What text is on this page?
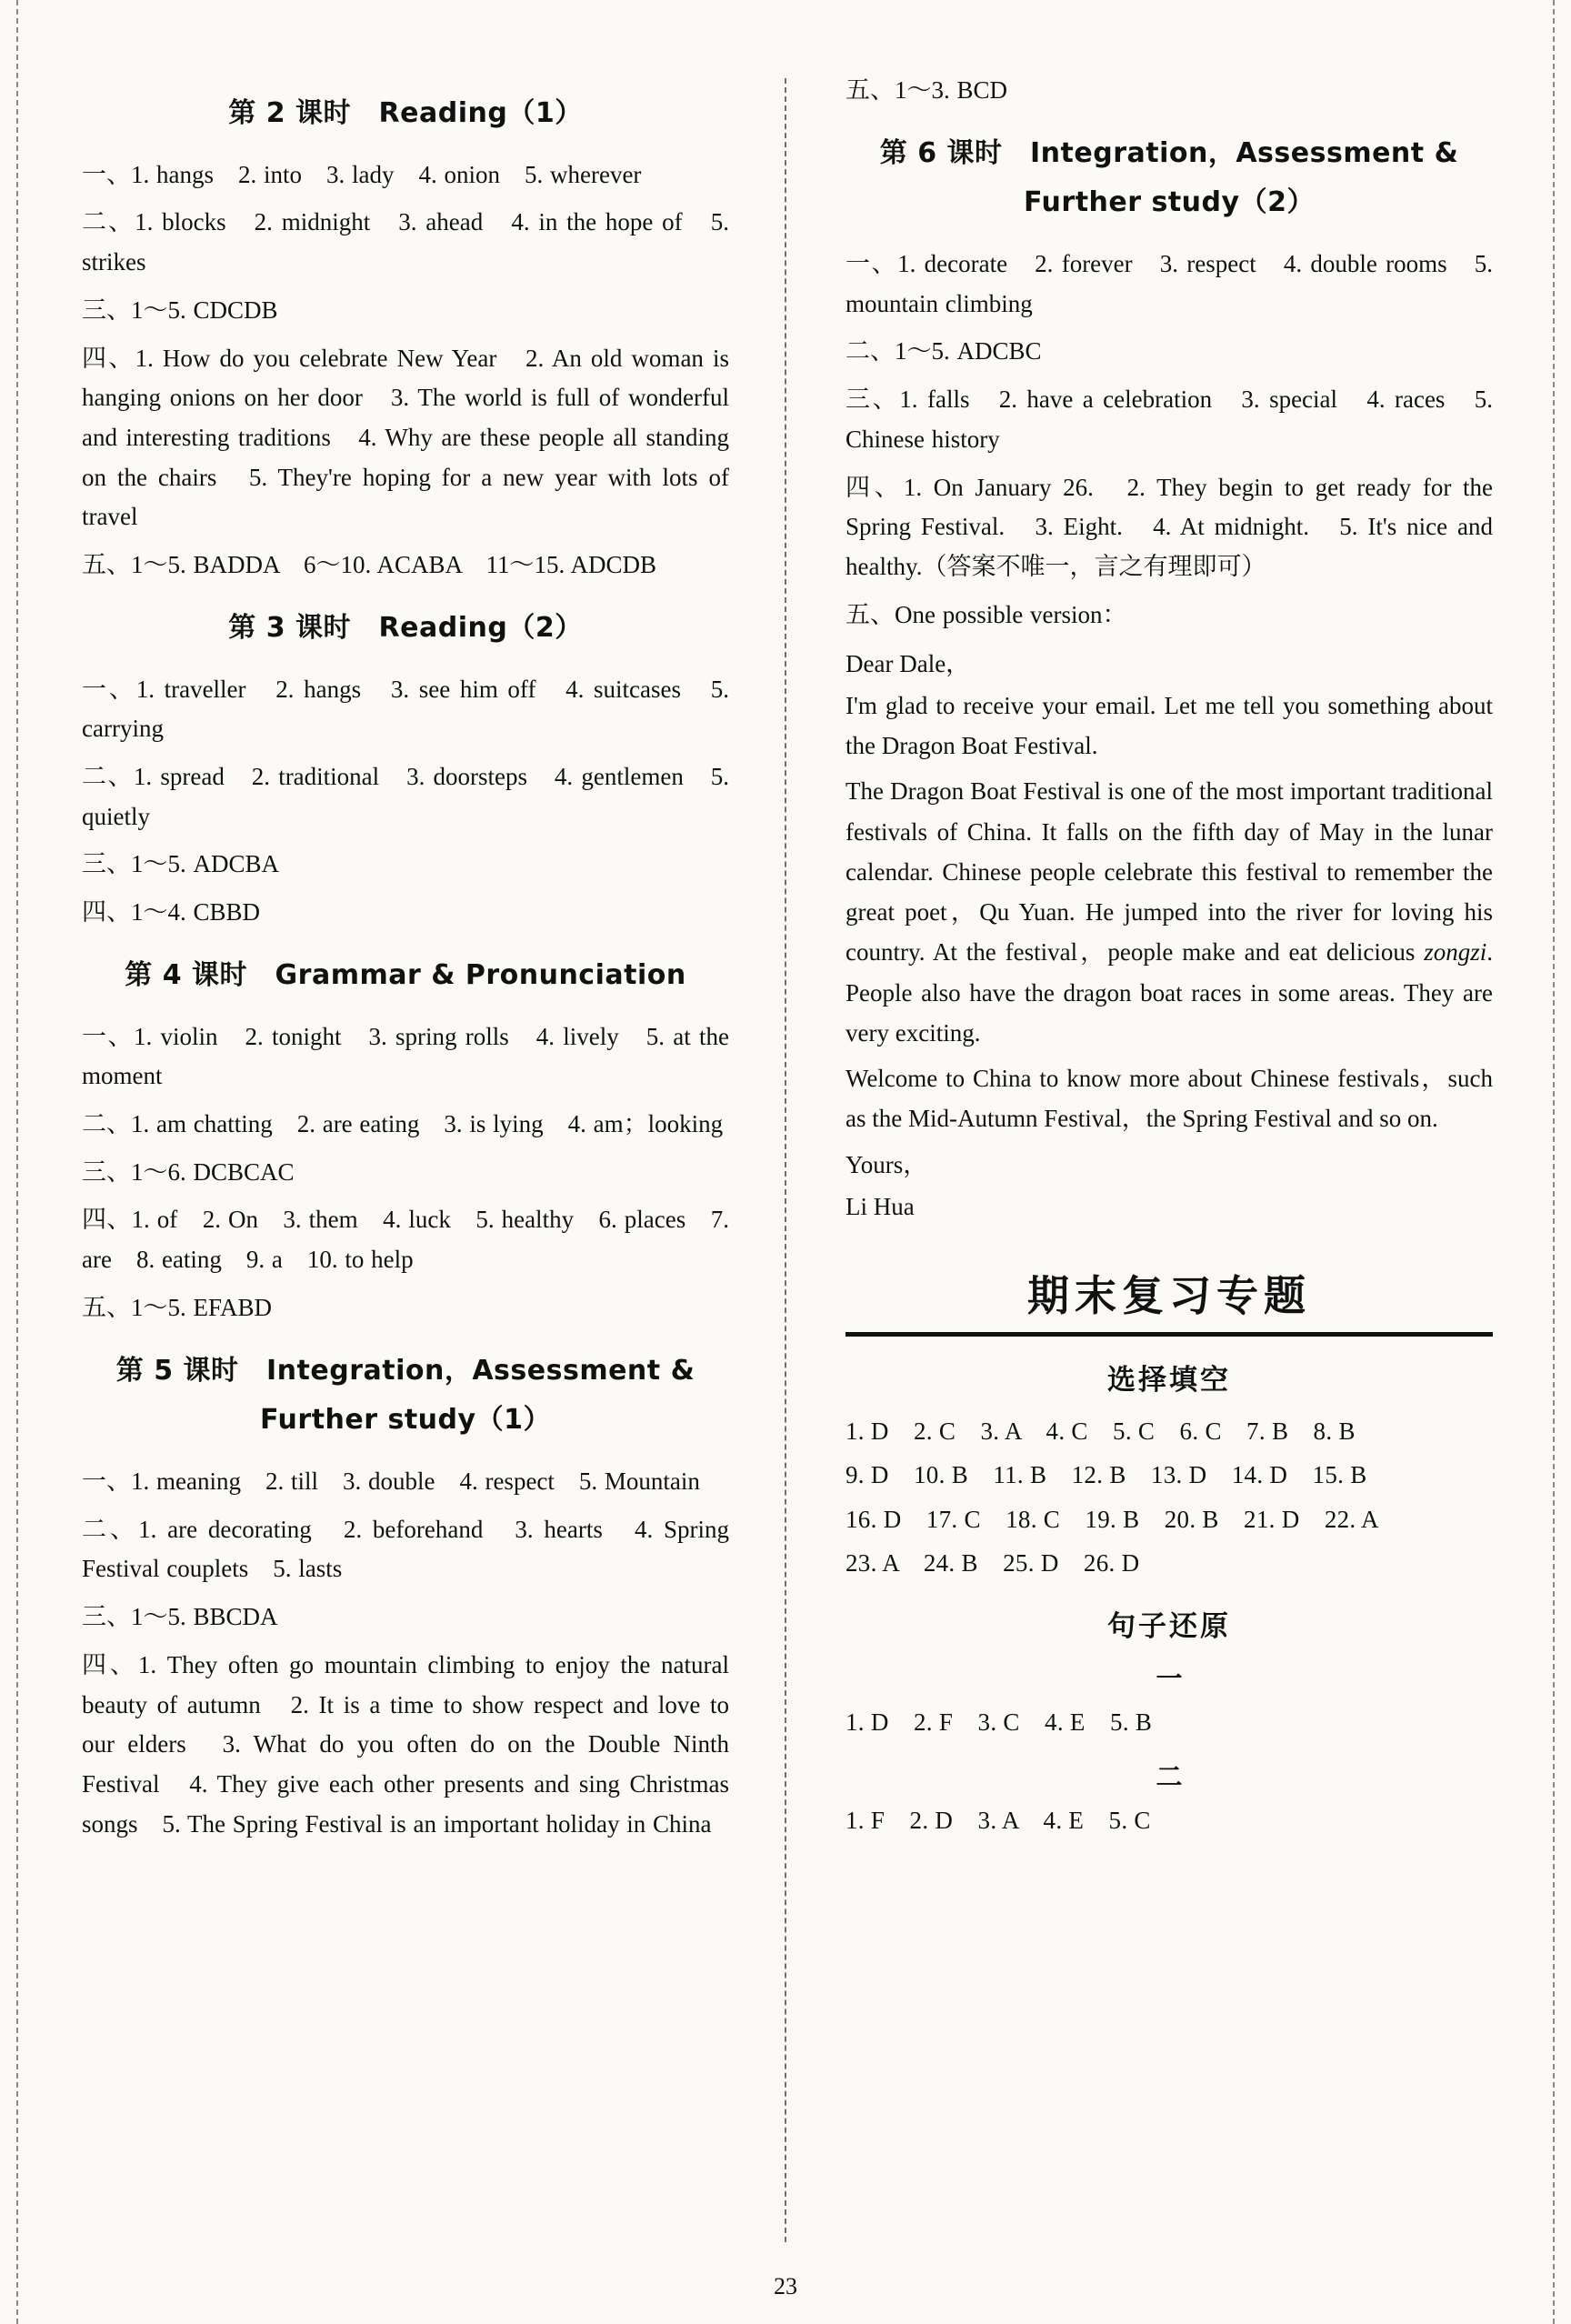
第 2 课时　Reading（1）

一、1. hangs　2. into　3. lady　4. onion　5. wherever

二、1. blocks　2. midnight　3. ahead　4. in the hope of　5. strikes

三、1～5. CDCDB

四、1. How do you celebrate New Year　2. An old woman is hanging onions on her door　3. The world is full of wonderful and interesting traditions　4. Why are these people all standing on the chairs　5. They're hoping for a new year with lots of travel

五、1～5. BADDA　6～10. ACABA　11～15. ADCDB

第 3 课时　Reading（2）

一、1. traveller　2. hangs　3. see him off　4. suitcases　5. carrying

二、1. spread　2. traditional　3. doorsteps　4. gentlemen　5. quietly

三、1～5. ADCBA

四、1～4. CBBD

第 4 课时　Grammar & Pronunciation

一、1. violin　2. tonight　3. spring rolls　4. lively　5. at the moment

二、1. am chatting　2. are eating　3. is lying　4. am；looking

三、1～6. DCBCAC

四、1. of　2. On　3. them　4. luck　5. healthy　6. places　7. are　8. eating　9. a　10. to help

五、1～5. EFABD

第 5 课时　Integration，Assessment &
Further study（1）

一、1. meaning　2. till　3. double　4. respect　5. Mountain

二、1. are decorating　2. beforehand　3. hearts　4. Spring Festival couplets　5. lasts

三、1～5. BBCDA

四、1. They often go mountain climbing to enjoy the natural beauty of autumn　2. It is a time to show respect and love to our elders　3. What do you often do on the Double Ninth Festival　4. They give each other presents and sing Christmas songs　5. The Spring Festival is an important holiday in China

五、1～3. BCD

第 6 课时　Integration，Assessment &
Further study（2）

一、1. decorate　2. forever　3. respect　4. double rooms　5. mountain climbing

二、1～5. ADCBC

三、1. falls　2. have a celebration　3. special　4. races　5. Chinese history

四、1. On January 26.　2. They begin to get ready for the Spring Festival.　3. Eight.　4. At midnight.　5. It's nice and healthy.（答案不唯一，言之有理即可）

五、One possible version：

Dear Dale，

I'm glad to receive your email. Let me tell you something about the Dragon Boat Festival.

The Dragon Boat Festival is one of the most important traditional festivals of China. It falls on the fifth day of May in the lunar calendar. Chinese people celebrate this festival to remember the great poet，Qu Yuan. He jumped into the river for loving his country. At the festival，people make and eat delicious zongzi. People also have the dragon boat races in some areas. They are very exciting.

Welcome to China to know more about Chinese festivals，such as the Mid-Autumn Festival，the Spring Festival and so on.

Yours，

Li Hua

期末复习专题
选择填空

1. D　2. C　3. A　4. C　5. C　6. C　7. B　8. B

9. D　10. B　11. B　12. B　13. D　14. D　15. B

16. D　17. C　18. C　19. B　20. B　21. D　22. A

23. A　24. B　25. D　26. D

句子还原
一

1. D　2. F　3. C　4. E　5. B

二

1. F　2. D　3. A　4. E　5. C

23
